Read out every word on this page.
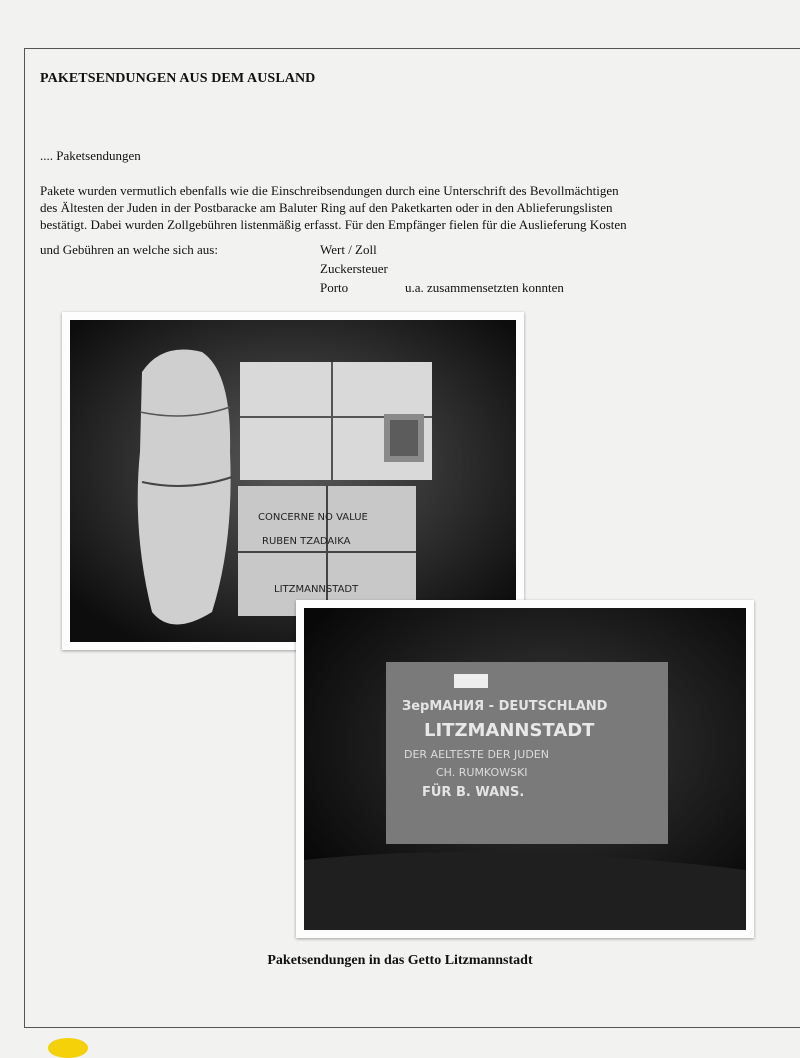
PAKETSENDUNGEN AUS DEM AUSLAND
.... Paketsendungen
Pakete wurden vermutlich ebenfalls wie die Einschreibsendungen durch eine Unterschrift des Bevollmächtigen
des Ältesten der Juden in der Postbaracke am Baluter Ring auf den Paketkarten oder in den Ablieferungslisten
bestätigt. Dabei wurden Zollgebühren listenmäßig erfasst. Für den Empfänger fielen für die Auslieferung Kosten
und Gebühren an welche sich aus:	Wert / Zoll
Zuckersteuer
Porto	u.a. zusammensetzten konnten
CONCERNE NO VALUE
RUBEN TZADAIKA
LITZMANNSTADT
ЗерМАНИЯ - DEUTSCHLAND
LITZMANNSTADT
DER AELTESTE DER JUDEN
CH. RUMKOWSKI
FÜR B. WANS.
Paketsendungen in das Getto Litzmannstadt
